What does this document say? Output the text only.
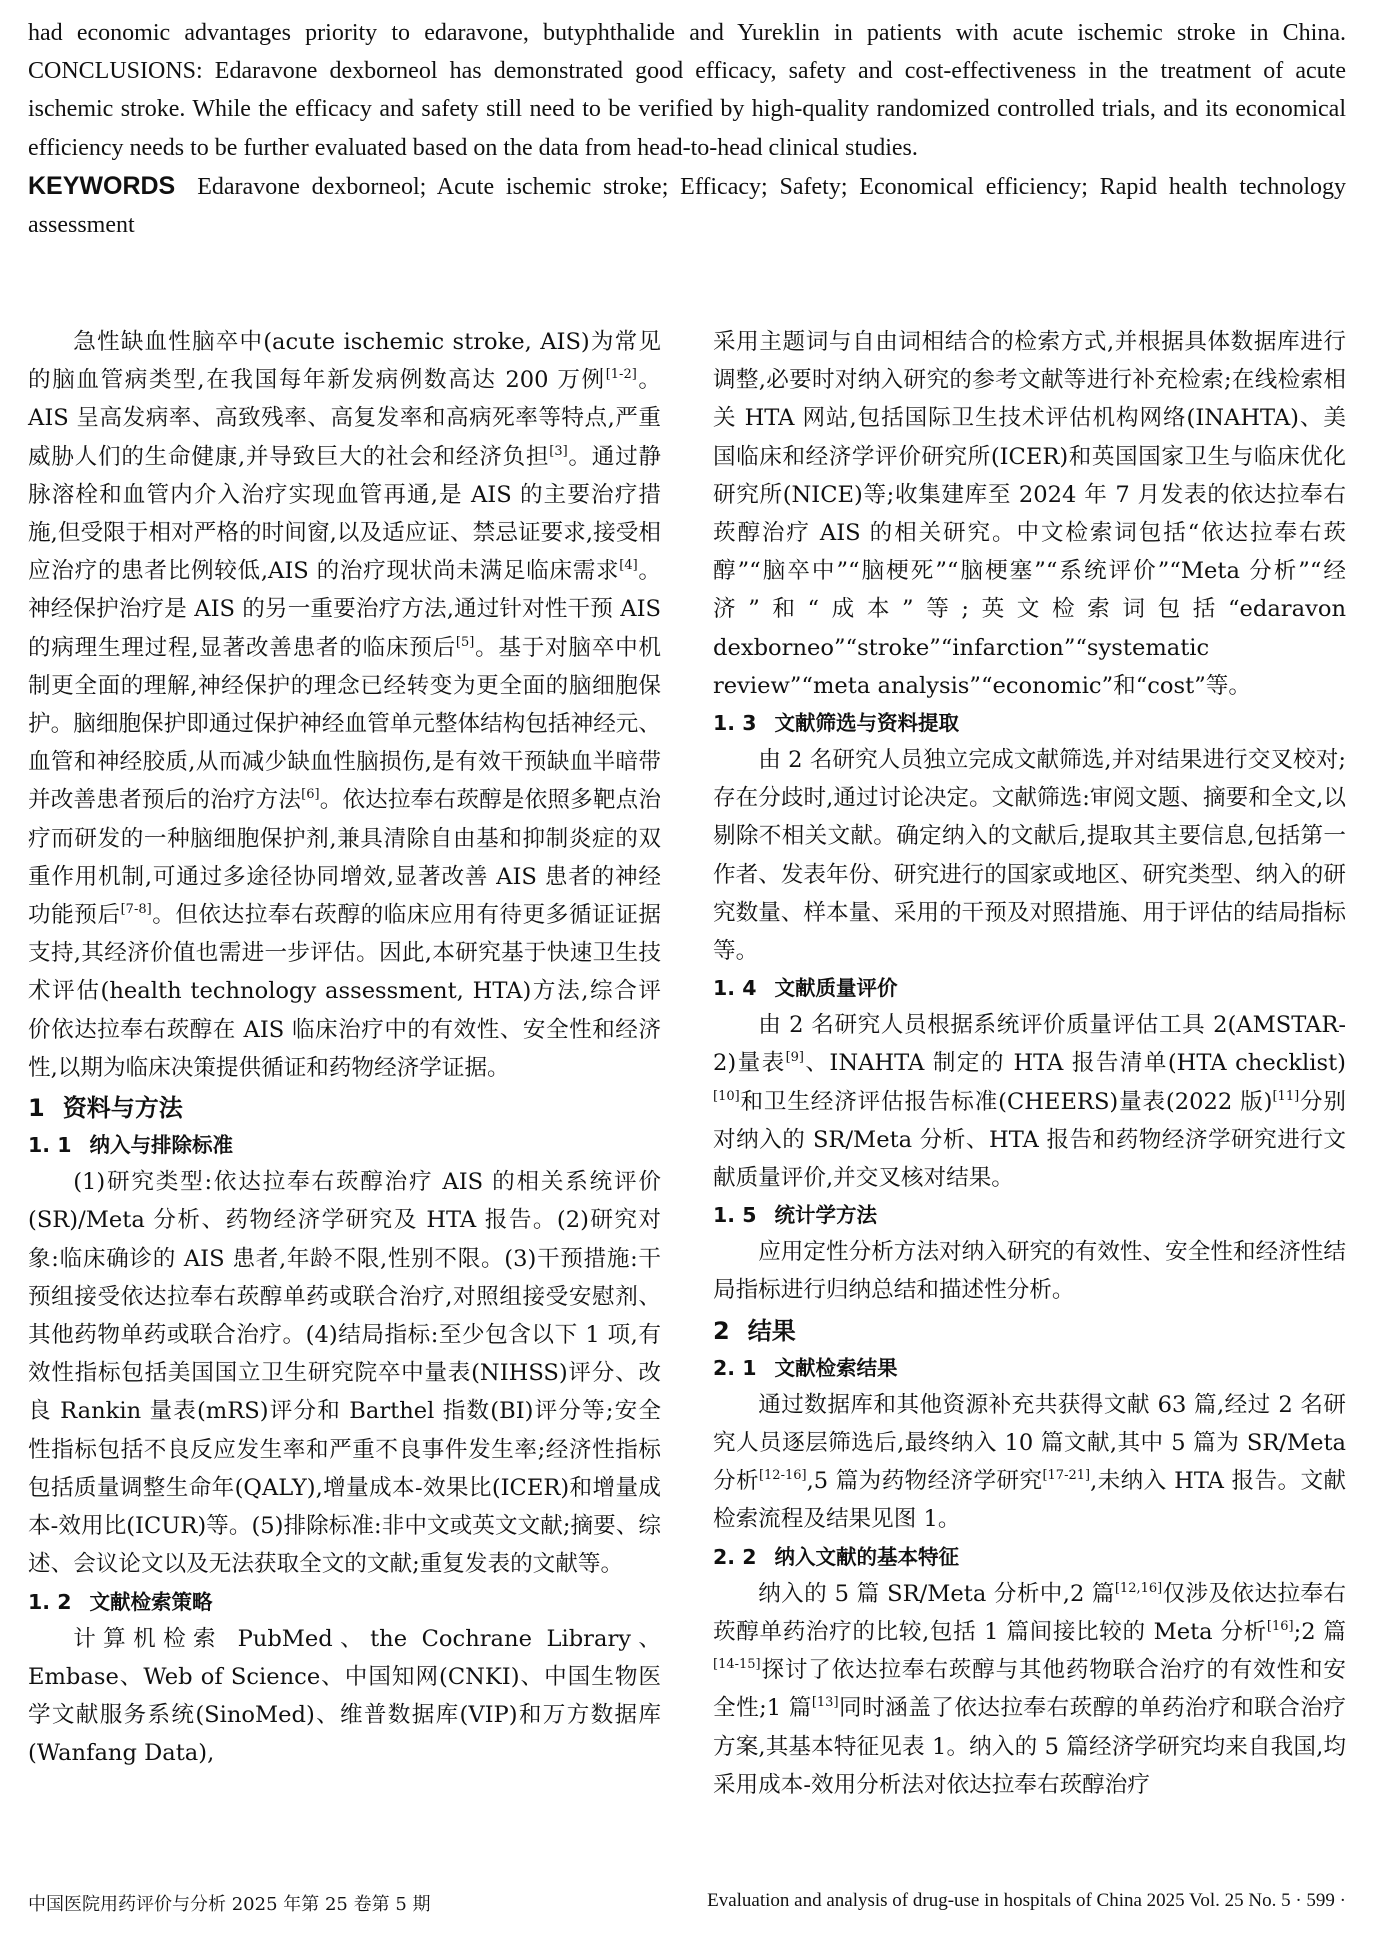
had economic advantages priority to edaravone, butyphthalide and Yureklin in patients with acute ischemic stroke in China. CONCLUSIONS: Edaravone dexborneol has demonstrated good efficacy, safety and cost-effectiveness in the treatment of acute ischemic stroke. While the efficacy and safety still need to be verified by high-quality randomized controlled trials, and its economical efficiency needs to be further evaluated based on the data from head-to-head clinical studies.

KEYWORDS Edaravone dexborneol; Acute ischemic stroke; Efficacy; Safety; Economical efficiency; Rapid health technology assessment

急性缺血性脑卒中(acute ischemic stroke, AIS)为常见的脑血管病类型,在我国每年新发病例数高达 200 万例[1-2]。AIS 呈高发病率、高致残率、高复发率和高病死率等特点,严重威胁人们的生命健康,并导致巨大的社会和经济负担[3]。通过静脉溶栓和血管内介入治疗实现血管再通,是 AIS 的主要治疗措施,但受限于相对严格的时间窗,以及适应证、禁忌证要求,接受相应治疗的患者比例较低,AIS 的治疗现状尚未满足临床需求[4]。神经保护治疗是 AIS 的另一重要治疗方法,通过针对性干预 AIS 的病理生理过程,显著改善患者的临床预后[5]。基于对脑卒中机制更全面的理解,神经保护的理念已经转变为更全面的脑细胞保护。脑细胞保护即通过保护神经血管单元整体结构包括神经元、血管和神经胶质,从而减少缺血性脑损伤,是有效干预缺血半暗带并改善患者预后的治疗方法[6]。依达拉奉右莰醇是依照多靶点治疗而研发的一种脑细胞保护剂,兼具清除自由基和抑制炎症的双重作用机制,可通过多途径协同增效,显著改善 AIS 患者的神经功能预后[7-8]。但依达拉奉右莰醇的临床应用有待更多循证证据支持,其经济价值也需进一步评估。因此,本研究基于快速卫生技术评估(health technology assessment, HTA)方法,综合评价依达拉奉右莰醇在 AIS 临床治疗中的有效性、安全性和经济性,以期为临床决策提供循证和药物经济学证据。

1 资料与方法
1. 1 纳入与排除标准

(1)研究类型:依达拉奉右莰醇治疗 AIS 的相关系统评价(SR)/Meta 分析、药物经济学研究及 HTA 报告。(2)研究对象:临床确诊的 AIS 患者,年龄不限,性别不限。(3)干预措施:干预组接受依达拉奉右莰醇单药或联合治疗,对照组接受安慰剂、其他药物单药或联合治疗。(4)结局指标:至少包含以下 1 项,有效性指标包括美国国立卫生研究院卒中量表(NIHSS)评分、改良 Rankin 量表(mRS)评分和 Barthel 指数(BI)评分等;安全性指标包括不良反应发生率和严重不良事件发生率;经济性指标包括质量调整生命年(QALY),增量成本-效果比(ICER)和增量成本-效用比(ICUR)等。(5)排除标准:非中文或英文文献;摘要、综述、会议论文以及无法获取全文的文献;重复发表的文献等。

1. 2 文献检索策略

计算机检索 PubMed、the Cochrane Library、Embase、Web of Science、中国知网(CNKI)、中国生物医学文献服务系统(SinoMed)、维普数据库(VIP)和万方数据库(Wanfang Data),

采用主题词与自由词相结合的检索方式,并根据具体数据库进行调整,必要时对纳入研究的参考文献等进行补充检索;在线检索相关 HTA 网站,包括国际卫生技术评估机构网络(INAHTA)、美国临床和经济学评价研究所(ICER)和英国国家卫生与临床优化研究所(NICE)等;收集建库至 2024 年 7 月发表的依达拉奉右莰醇治疗 AIS 的相关研究。中文检索词包括“依达拉奉右莰醇”“脑卒中”“脑梗死”“脑梗塞”“系统评价”“Meta 分析”“经济”和“成本”等;英文检索词包括“edaravon dexborneo”“stroke”“infarction”“systematic review”“meta analysis”“economic”和“cost”等。

1. 3 文献筛选与资料提取

由 2 名研究人员独立完成文献筛选,并对结果进行交叉校对;存在分歧时,通过讨论决定。文献筛选:审阅文题、摘要和全文,以剔除不相关文献。确定纳入的文献后,提取其主要信息,包括第一作者、发表年份、研究进行的国家或地区、研究类型、纳入的研究数量、样本量、采用的干预及对照措施、用于评估的结局指标等。

1. 4 文献质量评价

由 2 名研究人员根据系统评价质量评估工具 2(AMSTAR-2)量表[9]、INAHTA 制定的 HTA 报告清单(HTA checklist)[10]和卫生经济评估报告标准(CHEERS)量表(2022 版)[11]分别对纳入的 SR/Meta 分析、HTA 报告和药物经济学研究进行文献质量评价,并交叉核对结果。

1. 5 统计学方法

应用定性分析方法对纳入研究的有效性、安全性和经济性结局指标进行归纳总结和描述性分析。

2 结果
2. 1 文献检索结果

通过数据库和其他资源补充共获得文献 63 篇,经过 2 名研究人员逐层筛选后,最终纳入 10 篇文献,其中 5 篇为 SR/Meta 分析[12-16],5 篇为药物经济学研究[17-21],未纳入 HTA 报告。文献检索流程及结果见图 1。

2. 2 纳入文献的基本特征

纳入的 5 篇 SR/Meta 分析中,2 篇[12,16]仅涉及依达拉奉右莰醇单药治疗的比较,包括 1 篇间接比较的 Meta 分析[16];2 篇[14-15]探讨了依达拉奉右莰醇与其他药物联合治疗的有效性和安全性;1 篇[13]同时涵盖了依达拉奉右莰醇的单药治疗和联合治疗方案,其基本特征见表 1。纳入的 5 篇经济学研究均来自我国,均采用成本-效用分析法对依达拉奉右莰醇治疗

中国医院用药评价与分析 2025 年第 25 卷第 5 期	Evaluation and analysis of drug-use in hospitals of China 2025 Vol. 25 No. 5 · 599 ·
